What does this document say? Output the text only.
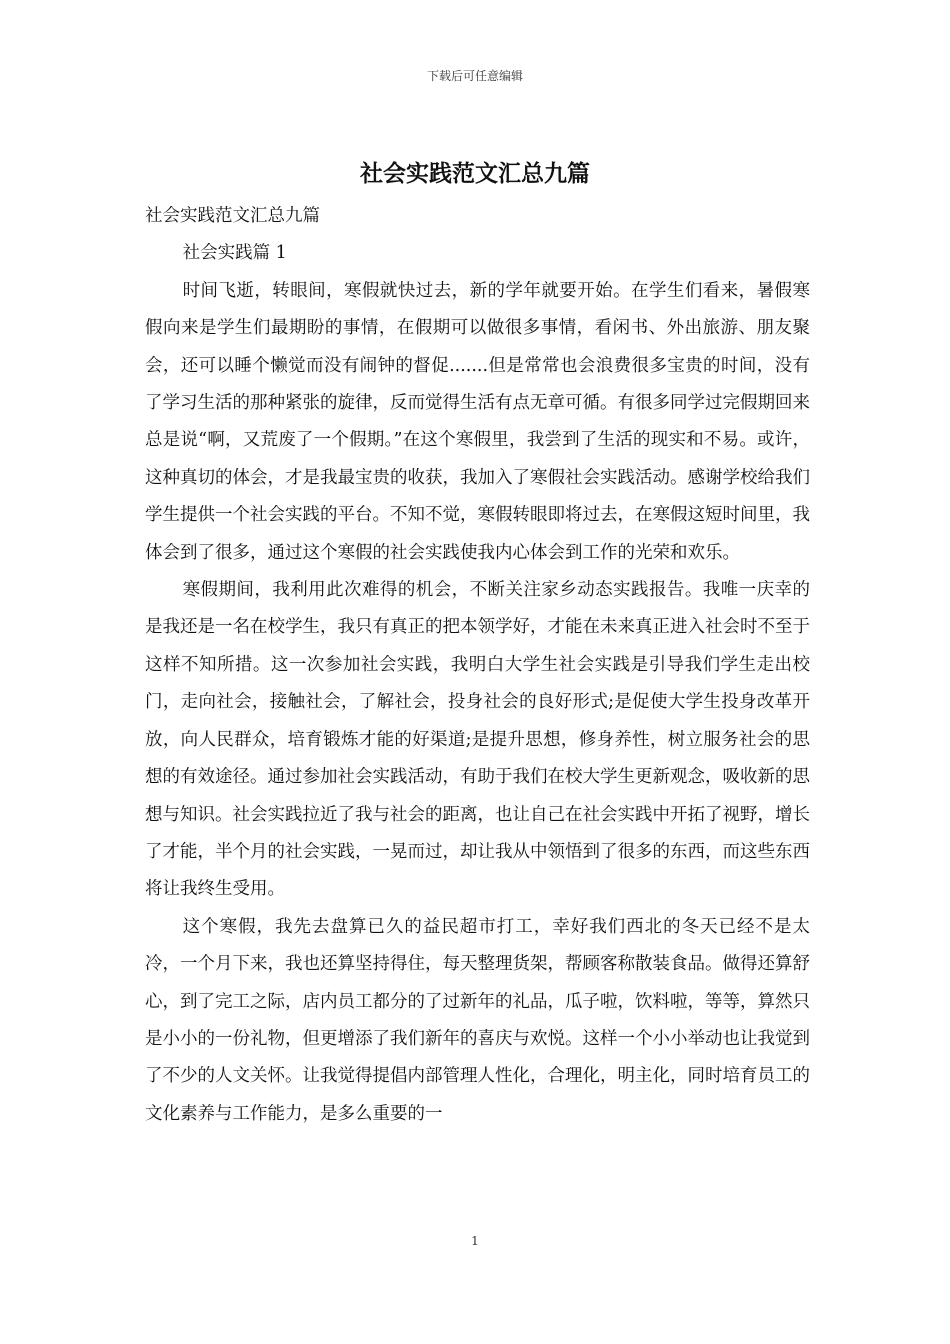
下载后可任意编辑
社会实践范文汇总九篇

社会实践范文汇总九篇

社会实践篇 1

时间飞逝，转眼间，寒假就快过去，新的学年就要开始。在学生们看来，暑假寒假向来是学生们最期盼的事情，在假期可以做很多事情，看闲书、外出旅游、朋友聚会，还可以睡个懒觉而没有闹钟的督促.......但是常常也会浪费很多宝贵的时间，没有了学习生活的那种紧张的旋律，反而觉得生活有点无章可循。有很多同学过完假期回来总是说“啊，又荒废了一个假期。”在这个寒假里，我尝到了生活的现实和不易。或许，这种真切的体会，才是我最宝贵的收获，我加入了寒假社会实践活动。感谢学校给我们学生提供一个社会实践的平台。不知不觉，寒假转眼即将过去，在寒假这短时间里，我体会到了很多，通过这个寒假的社会实践使我内心体会到工作的光荣和欢乐。

寒假期间，我利用此次难得的机会，不断关注家乡动态实践报告。我唯一庆幸的是我还是一名在校学生，我只有真正的把本领学好，才能在未来真正进入社会时不至于这样不知所措。这一次参加社会实践，我明白大学生社会实践是引导我们学生走出校门，走向社会，接触社会，了解社会，投身社会的良好形式;是促使大学生投身改革开放，向人民群众，培育锻炼才能的好渠道;是提升思想，修身养性，树立服务社会的思想的有效途径。通过参加社会实践活动，有助于我们在校大学生更新观念，吸收新的思想与知识。社会实践拉近了我与社会的距离，也让自己在社会实践中开拓了视野，增长了才能，半个月的社会实践，一晃而过，却让我从中领悟到了很多的东西，而这些东西将让我终生受用。

这个寒假，我先去盘算已久的益民超市打工，幸好我们西北的冬天已经不是太冷，一个月下来，我也还算坚持得住，每天整理货架，帮顾客称散装食品。做得还算舒心，到了完工之际，店内员工都分的了过新年的礼品，瓜子啦，饮料啦，等等，算然只是小小的一份礼物，但更增添了我们新年的喜庆与欢悦。这样一个小小举动也让我觉到了不少的人文关怀。让我觉得提倡内部管理人性化，合理化，明主化，同时培育员工的文化素养与工作能力，是多么重要的一

1
